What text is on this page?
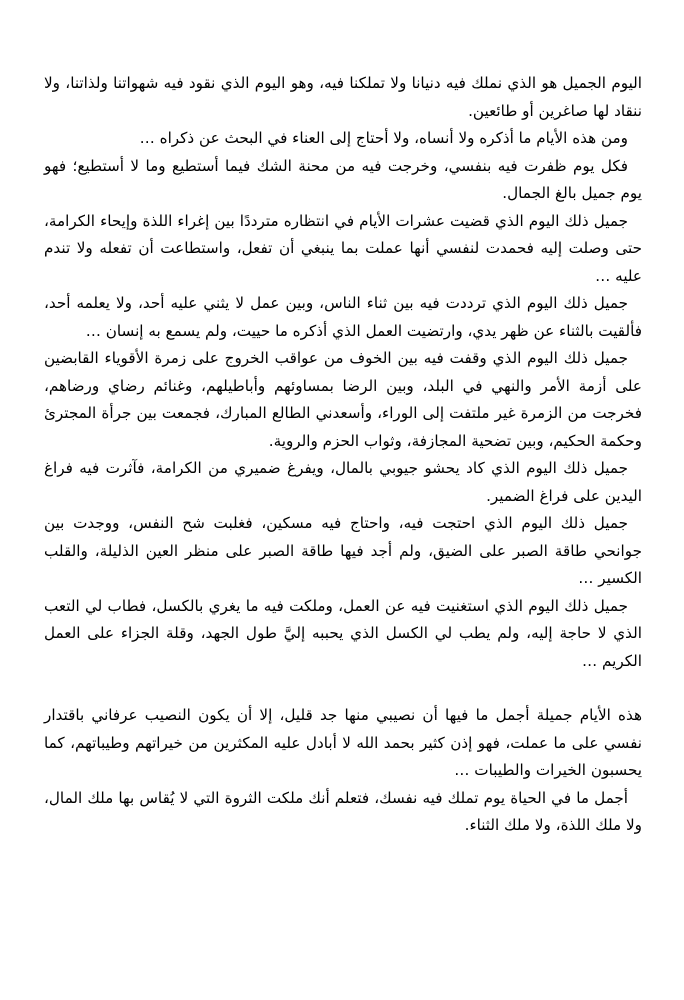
اليوم الجميل هو الذي نملك فيه دنيانا ولا تملكنا فيه، وهو اليوم الذي نقود فيه شهواتنا ولذاتنا، ولا ننقاد لها صاغرين أو طائعين.

ومن هذه الأيام ما أذكره ولا أنساه، ولا أحتاج إلى العناء في البحث عن ذكراه …

فكل يوم ظفرت فيه بنفسي، وخرجت فيه من محنة الشك فيما أستطيع وما لا أستطيع؛ فهو يوم جميل بالغ الجمال.

جميل ذلك اليوم الذي قضيت عشرات الأيام في انتظاره مترددًا بين إغراء اللذة وإيحاء الكرامة، حتى وصلت إليه فحمدت لنفسي أنها عملت بما ينبغي أن تفعل، واستطاعت أن تفعله ولا تندم عليه …

جميل ذلك اليوم الذي ترددت فيه بين ثناء الناس، وبين عمل لا يثني عليه أحد، ولا يعلمه أحد، فألقيت بالثناء عن ظهر يدي، وارتضيت العمل الذي أذكره ما حييت، ولم يسمع به إنسان …

جميل ذلك اليوم الذي وقفت فيه بين الخوف من عواقب الخروج على زمرة الأقوياء القابضين على أزمة الأمر والنهي في البلد، وبين الرضا بمساوئهم وأباطيلهم، وغنائم رضاي ورضاهم، فخرجت من الزمرة غير ملتفت إلى الوراء، وأسعدني الطالع المبارك، فجمعت بين جرأة المجترئ وحكمة الحكيم، وبين تضحية المجازفة، وثواب الحزم والروية.

جميل ذلك اليوم الذي كاد يحشو جيوبي بالمال، ويفرغ ضميري من الكرامة، فآثرت فيه فراغ اليدين على فراغ الضمير.

جميل ذلك اليوم الذي احتجت فيه، واحتاج فيه مسكين، فغلبت شح النفس، ووجدت بين جوانحي طاقة الصبر على الضيق، ولم أجد فيها طاقة الصبر على منظر العين الذليلة، والقلب الكسير …

جميل ذلك اليوم الذي استغنيت فيه عن العمل، وملكت فيه ما يغري بالكسل، فطاب لي التعب الذي لا حاجة إليه، ولم يطب لي الكسل الذي يحببه إليَّ طول الجهد، وقلة الجزاء على العمل الكريم …

هذه الأيام جميلة أجمل ما فيها أن نصيبي منها جد قليل، إلا أن يكون النصيب عرفاني باقتدار نفسي على ما عملت، فهو إذن كثير بحمد الله لا أبادل عليه المكثرين من خيراتهم وطيباتهم، كما يحسبون الخيرات والطيبات …

أجمل ما في الحياة يوم تملك فيه نفسك، فتعلم أنك ملكت الثروة التي لا يُقاس بها ملك المال، ولا ملك اللذة، ولا ملك الثناء.
